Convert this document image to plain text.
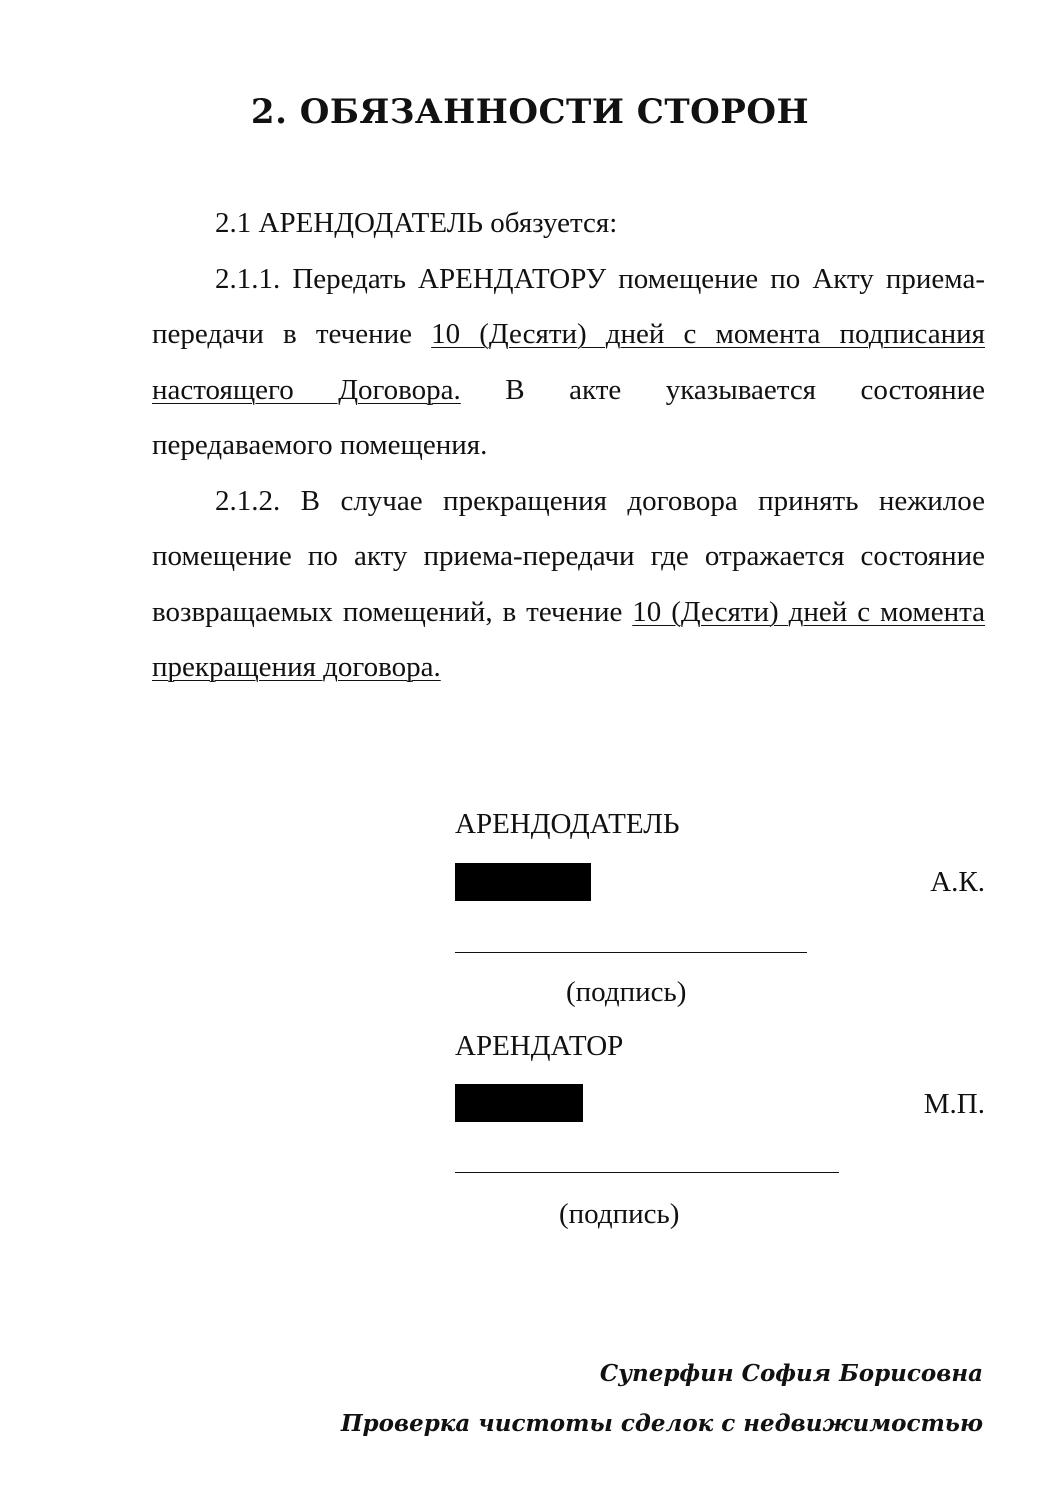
2. ОБЯЗАННОСТИ СТОРОН

2.1 АРЕНДОДАТЕЛЬ обязуется:

2.1.1. Передать АРЕНДАТОРУ помещение по Акту приема-передачи в течение 10 (Десяти) дней с момента подписания настоящего Договора. В акте указывается состояние передаваемого помещения.

2.1.2. В случае прекращения договора принять нежилое помещение по акту приема-передачи где отражается состояние возвращаемых помещений, в течение 10 (Десяти) дней с момента прекращения договора.

АРЕНДОДАТЕЛЬ
А.К.
(подпись)
АРЕНДАТОР
М.П.
(подпись)
Суперфин София Борисовна
Проверка чистоты сделок с недвижимостью
